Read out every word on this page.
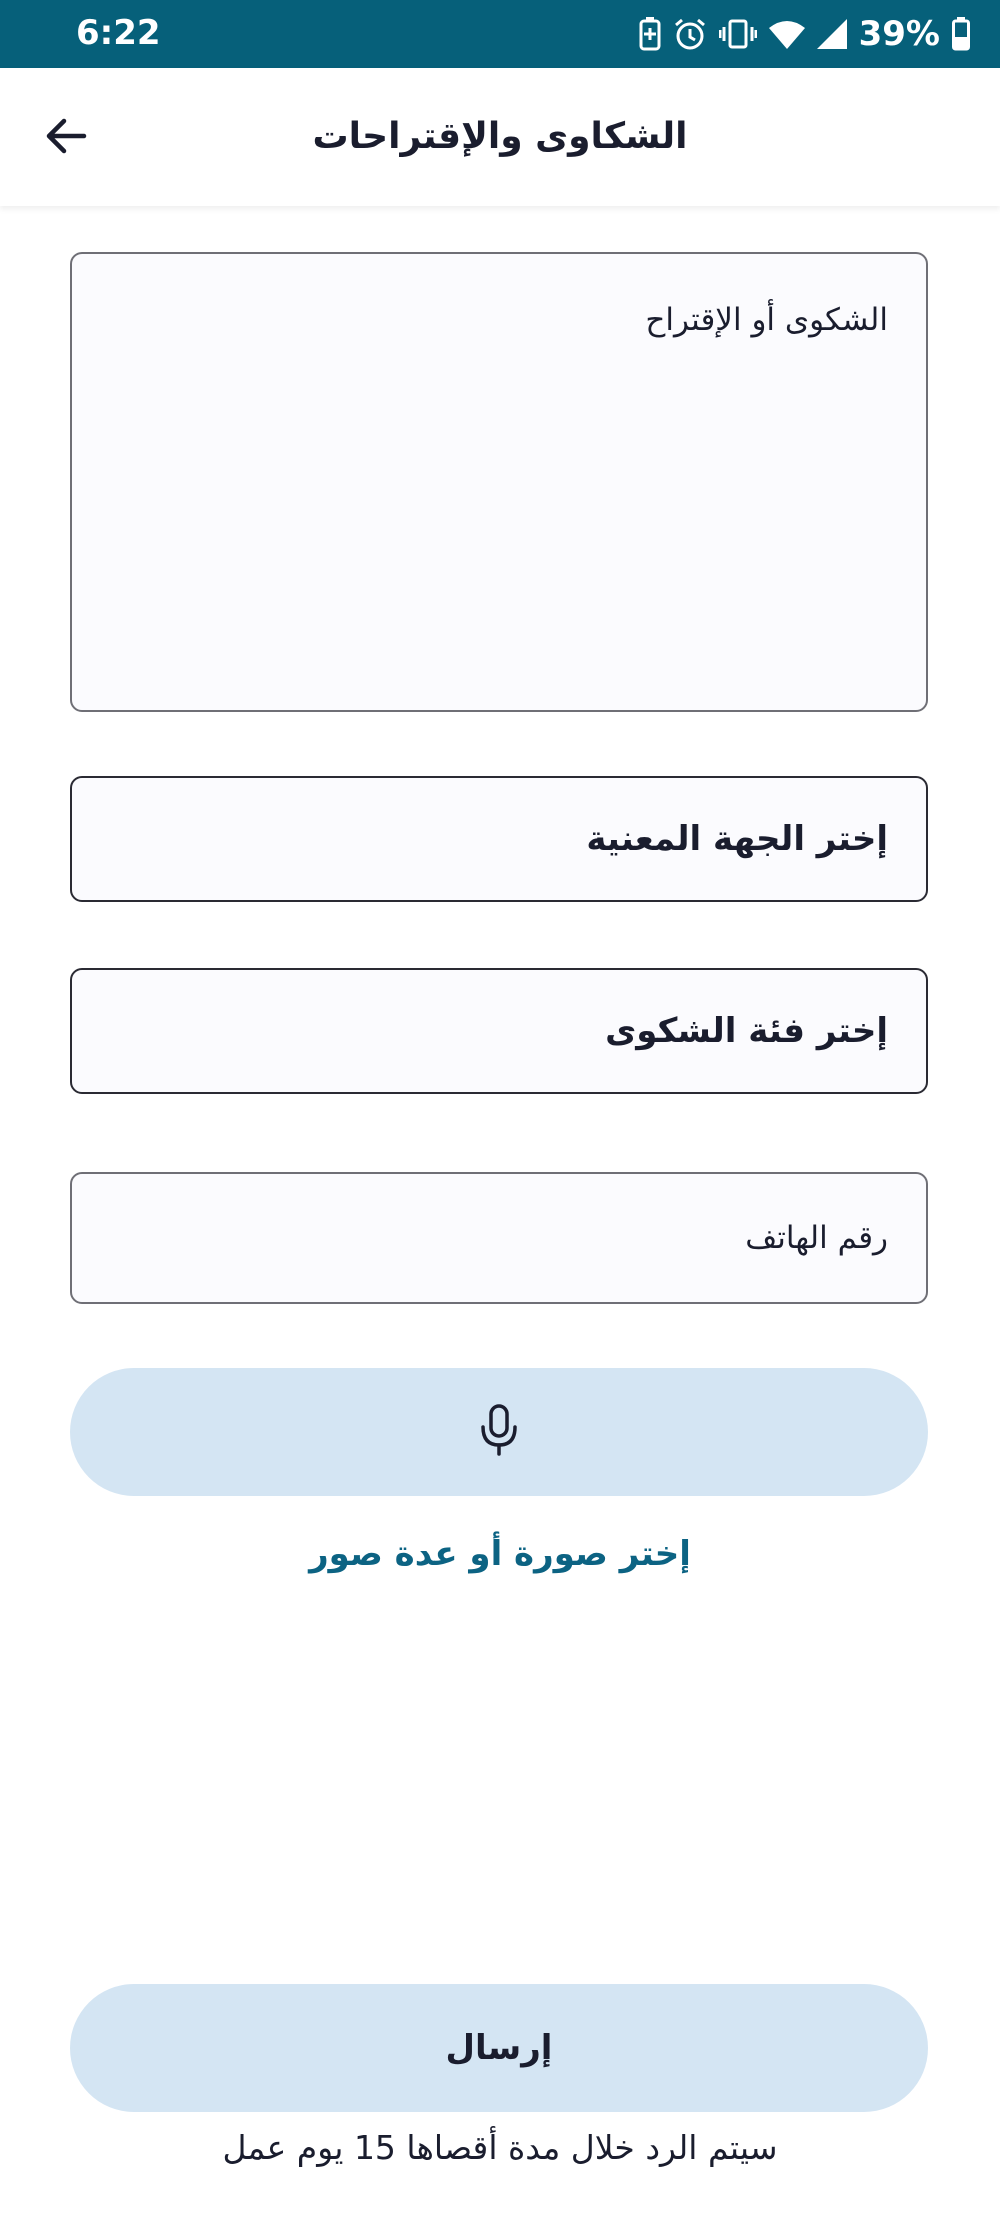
6:22	39%
الشكاوى والإقتراحات
الشكوى أو الإقتراح
إختر الجهة المعنية
إختر فئة الشكوى
رقم الهاتف
إختر صورة أو عدة صور
إرسال
سيتم الرد خلال مدة أقصاها 15 يوم عمل
